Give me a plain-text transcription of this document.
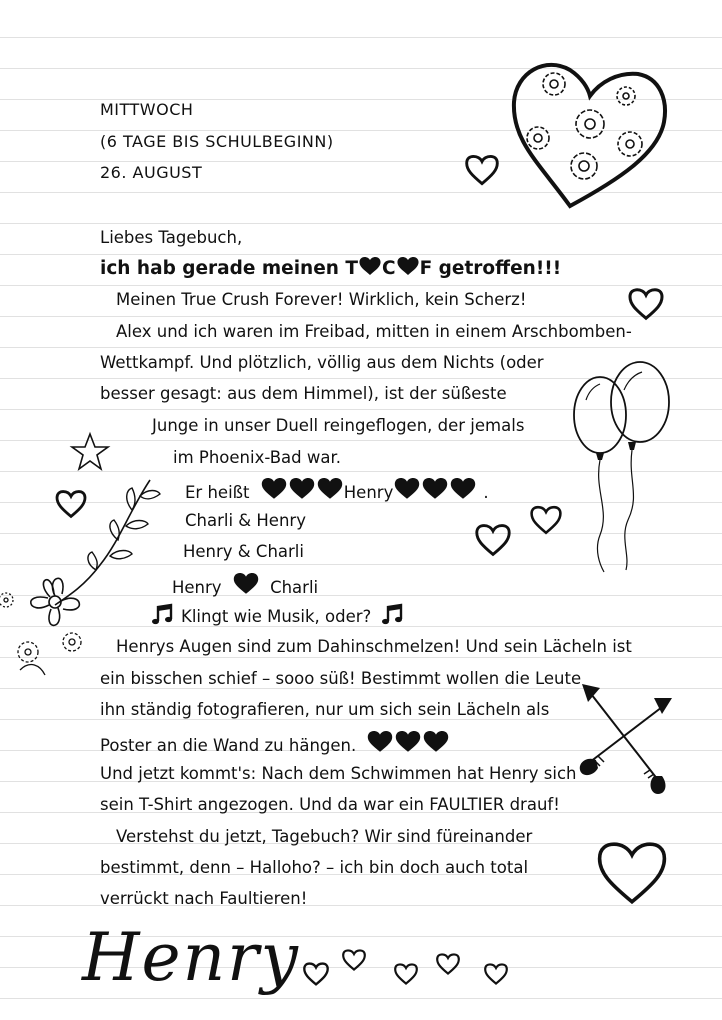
MITTWOCH
(6 TAGE BIS SCHULBEGINN)
26. AUGUST
Liebes Tagebuch,
ich hab gerade meinen T C F getroffen!!!
Meinen True Crush Forever! Wirklich, kein Scherz!
Alex und ich waren im Freibad, mitten in einem Arschbomben-
Wettkampf. Und plötzlich, völlig aus dem Nichts (oder
besser gesagt: aus dem Himmel), ist der süßeste
Junge in unser Duell reingeflogen, der jemals
im Phoenix-Bad war.
Er heißt	Henry	.
Charli & Henry
Henry & Charli
Henry	Charli
Klingt wie Musik, oder?
Henrys Augen sind zum Dahinschmelzen! Und sein Lächeln ist
ein bisschen schief – sooo süß! Bestimmt wollen die Leute
ihn ständig fotografieren, nur um sich sein Lächeln als
Poster an die Wand zu hängen.
Und jetzt kommt's: Nach dem Schwimmen hat Henry sich
sein T-Shirt angezogen. Und da war ein FAULTIER drauf!
Verstehst du jetzt, Tagebuch? Wir sind füreinander
bestimmt, denn – Halloho? – ich bin doch auch total
verrückt nach Faultieren!
Henry
